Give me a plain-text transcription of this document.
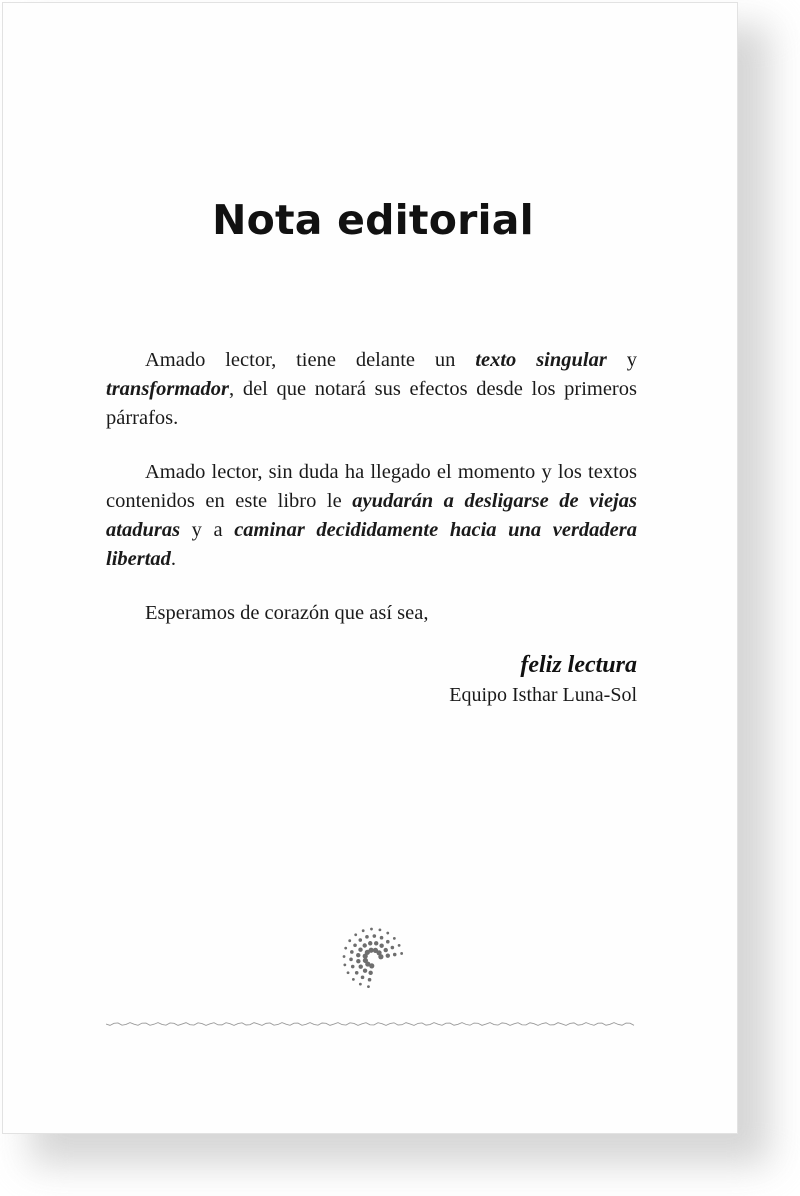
Nota editorial

Amado lector, tiene delante un texto singular y transformador, del que notará sus efectos desde los primeros párrafos.

Amado lector, sin duda ha llegado el momento y los textos contenidos en este libro le ayudarán a desligarse de viejas ataduras y a caminar decididamente hacia una verdadera libertad.

Esperamos de corazón que así sea,

feliz lectura
Equipo Isthar Luna-Sol
